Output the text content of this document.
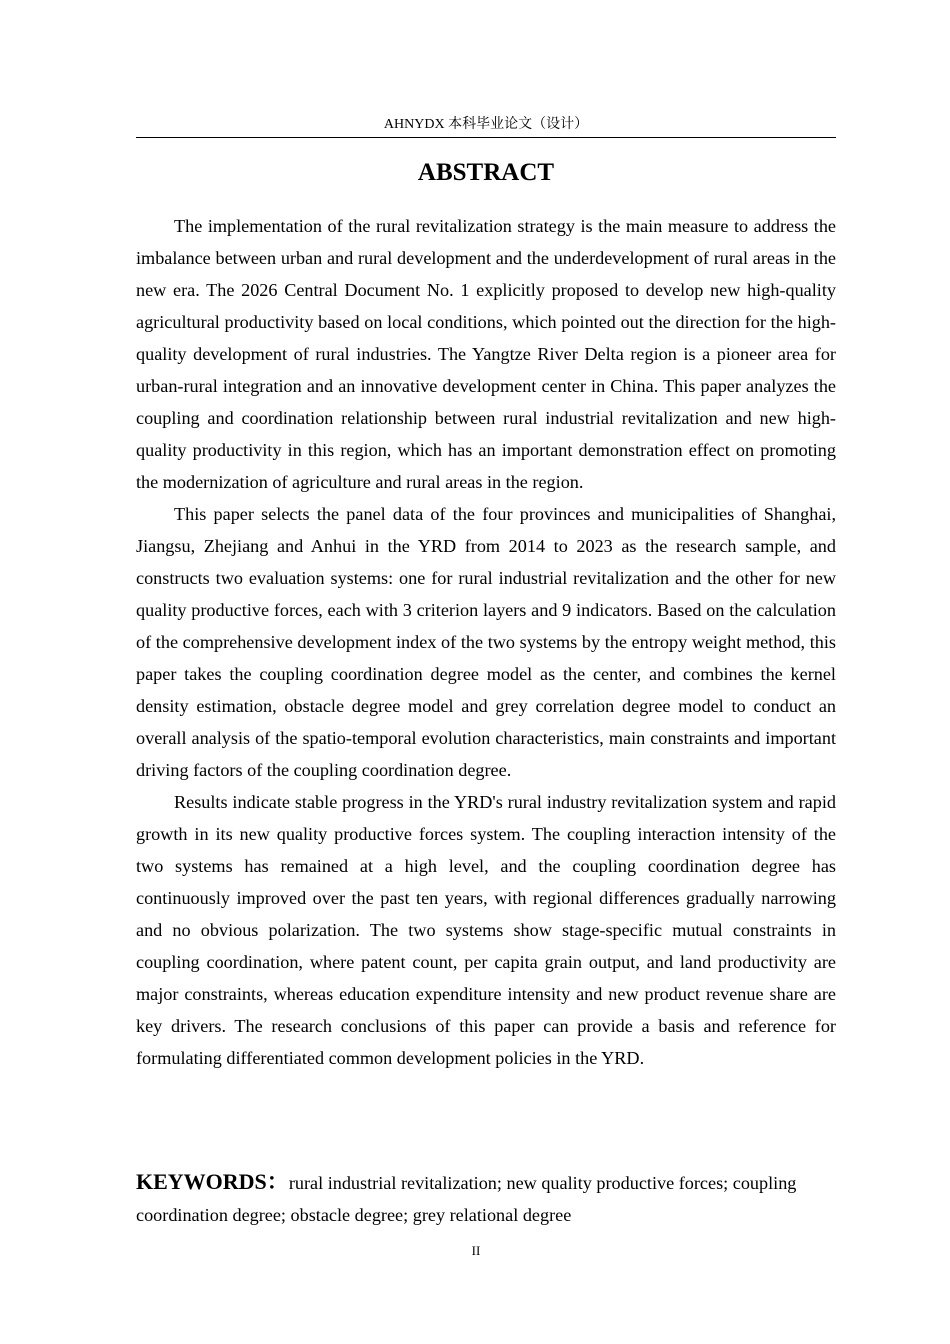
AHNYDX 本科毕业论文（设计）
ABSTRACT

The implementation of the rural revitalization strategy is the main measure to address the imbalance between urban and rural development and the underdevelopment of rural areas in the new era. The 2026 Central Document No. 1 explicitly proposed to develop new high-quality agricultural productivity based on local conditions, which pointed out the direction for the high-quality development of rural industries. The Yangtze River Delta region is a pioneer area for urban-rural integration and an innovative development center in China. This paper analyzes the coupling and coordination relationship between rural industrial revitalization and new high-quality productivity in this region, which has an important demonstration effect on promoting the modernization of agriculture and rural areas in the region.

This paper selects the panel data of the four provinces and municipalities of Shanghai, Jiangsu, Zhejiang and Anhui in the YRD from 2014 to 2023 as the research sample, and constructs two evaluation systems: one for rural industrial revitalization and the other for new quality productive forces, each with 3 criterion layers and 9 indicators. Based on the calculation of the comprehensive development index of the two systems by the entropy weight method, this paper takes the coupling coordination degree model as the center, and combines the kernel density estimation, obstacle degree model and grey correlation degree model to conduct an overall analysis of the spatio-temporal evolution characteristics, main constraints and important driving factors of the coupling coordination degree.

Results indicate stable progress in the YRD's rural industry revitalization system and rapid growth in its new quality productive forces system. The coupling interaction intensity of the two systems has remained at a high level, and the coupling coordination degree has continuously improved over the past ten years, with regional differences gradually narrowing and no obvious polarization. The two systems show stage-specific mutual constraints in coupling coordination, where patent count, per capita grain output, and land productivity are major constraints, whereas education expenditure intensity and new product revenue share are key drivers. The research conclusions of this paper can provide a basis and reference for formulating differentiated common development policies in the YRD.

KEYWORDS：rural industrial revitalization; new quality productive forces; coupling coordination degree; obstacle degree; grey relational degree
II
